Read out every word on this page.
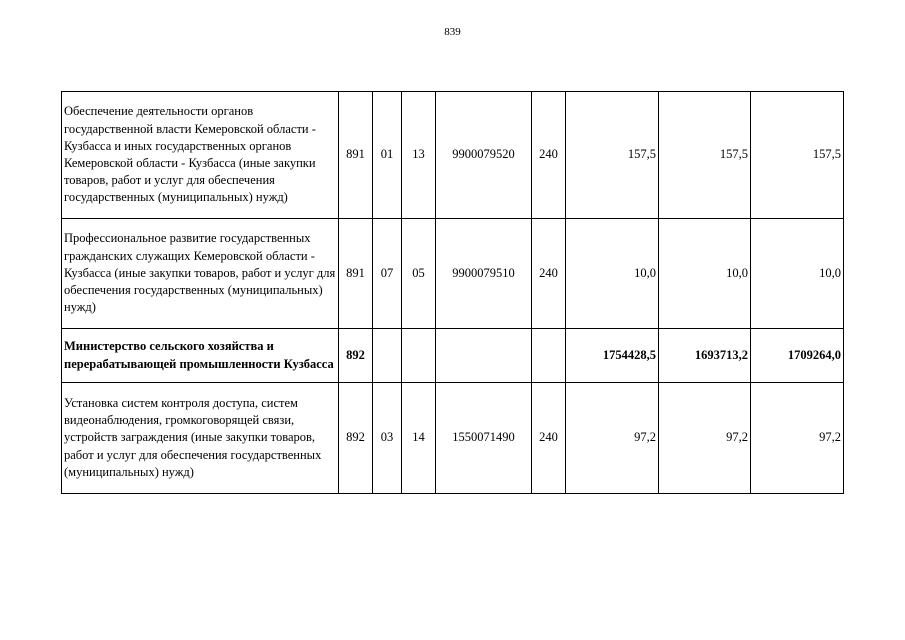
839
Обеспечение деятельности органов государственной власти Кемеровской области - Кузбасса и иных государственных органов Кемеровской области - Кузбасса (иные закупки товаров, работ и услуг для обеспечения государственных (муниципальных) нужд)	891	01	13	9900079520	240	157,5	157,5	157,5
Профессиональное развитие государственных гражданских служащих Кемеровской области - Кузбасса (иные закупки товаров, работ и услуг для обеспечения государственных (муниципальных) нужд)	891	07	05	9900079510	240	10,0	10,0	10,0
Министерство сельского хозяйства и перерабатывающей промышленности Кузбасса	892					1754428,5	1693713,2	1709264,0
Установка систем контроля доступа, систем видеонаблюдения, громкоговорящей связи, устройств заграждения (иные закупки товаров, работ и услуг для обеспечения государственных (муниципальных) нужд)	892	03	14	1550071490	240	97,2	97,2	97,2
